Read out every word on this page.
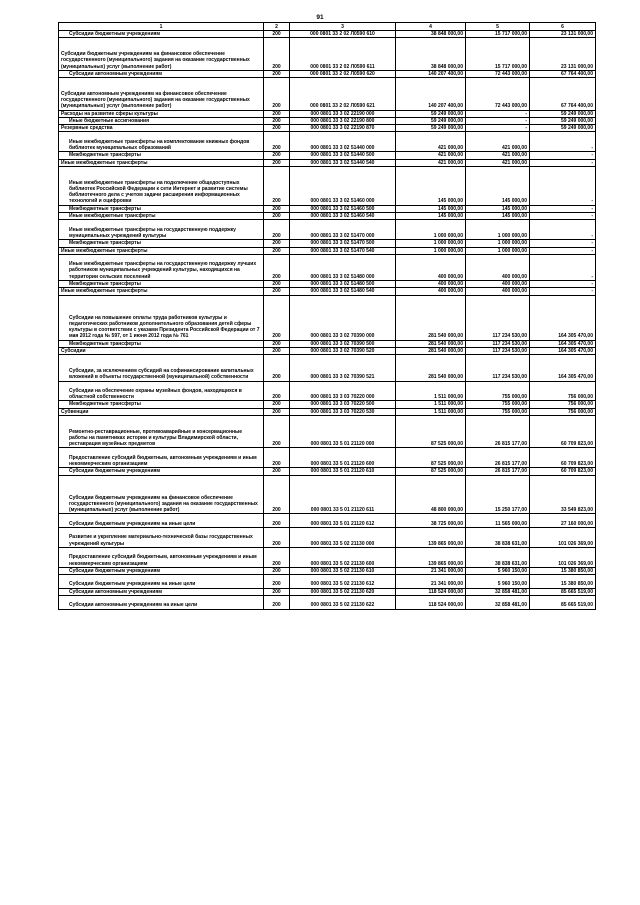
91
1	2	3	4	5	6
Субсидии бюджетным учреждениям	200	000 0801 33 2 02 Л0590 610	38 848 000,00	15 717 000,00	23 131 000,00
Субсидии бюджетным учреждениям на финансовое обеспечение государственного (муниципального) задания на оказание государственных (муниципальных) услуг (выполнение работ)	200	000 0801 33 2 02 Л0590 611	38 848 000,00	15 717 000,00	23 131 000,00
Субсидии автономным учреждениям	200	000 0801 33 2 02 Л0590 620	140 207 400,00	72 443 000,00	67 764 400,00
Субсидии автономным учреждениям на финансовое обеспечение государственного (муниципального) задания на оказание государственных (муниципальных) услуг (выполнение работ)	200	000 0801 33 2 02 Л0590 621	140 207 400,00	72 443 000,00	67 764 400,00
Расходы на развитие сферы культуры	200	000 0801 33 3 02 22190 000	59 249 000,00	-	59 249 000,00
Иные бюджетные ассигнования	200	000 0801 33 3 02 22190 800	59 249 000,00	-	59 249 000,00
Резервные средства	200	000 0801 33 3 02 22190 870	59 249 000,00	-	59 249 000,00
Иные межбюджетные трансферты на комплектование книжных фондов библиотек муниципальных образований	200	000 0801 33 3 02 51440 000	421 000,00	421 000,00	-
Межбюджетные трансферты	200	000 0801 33 3 02 51440 500	421 000,00	421 000,00	-
Иные межбюджетные трансферты	200	000 0801 33 3 02 51440 540	421 000,00	421 000,00	-
Иные межбюджетные трансферты на подключение общедоступных библиотек Российской Федерации к сети Интернет и развитие системы библиотечного дела с учетом задачи расширения информационных технологий и оцифровки	200	000 0801 33 3 02 51460 000	145 000,00	145 000,00	-
Межбюджетные трансферты	200	000 0801 33 3 02 51460 500	145 000,00	145 000,00	-
Иные межбюджетные трансферты	200	000 0801 33 3 02 51460 540	145 000,00	145 000,00	-
Иные межбюджетные трансферты на государственную поддержку муниципальных учреждений культуры	200	000 0801 33 3 02 51470 000	1 000 000,00	1 000 000,00	-
Межбюджетные трансферты	200	000 0801 33 3 02 51470 500	1 000 000,00	1 000 000,00	-
Иные межбюджетные трансферты	200	000 0801 33 3 02 51470 540	1 000 000,00	1 000 000,00	-
Иные межбюджетные трансферты на государственную поддержку лучших работников муниципальных учреждений культуры, находящихся на территории сельских поселений	200	000 0801 33 3 02 51480 000	400 000,00	400 000,00	-
Межбюджетные трансферты	200	000 0801 33 3 02 51480 500	400 000,00	400 000,00	-
Иные межбюджетные трансферты	200	000 0801 33 3 02 51480 540	400 000,00	400 000,00	-
Субсидии на повышение оплаты труда работников культуры и педагогических работников дополнительного образования детей сферы культуры в соответствии с указами Президента Российской Федерации от 7 мая 2012 года № 597, от 1 июня 2012 года № 761	200	000 0801 33 3 02 70390 000	281 540 000,00	117 234 530,00	164 305 470,00
Межбюджетные трансферты	200	000 0801 33 3 02 70390 500	281 540 000,00	117 234 530,00	164 305 470,00
Субсидии	200	000 0801 33 3 02 70390 520	281 540 000,00	117 234 530,00	164 305 470,00
Субсидии, за исключением субсидий на софинансирование капитальных вложений в объекты государственной (муниципальной) собственности	200	000 0801 33 3 02 70390 521	281 540 000,00	117 234 530,00	164 305 470,00
Субсидии на обеспечение охраны музейных фондов, находящихся в областной собственности	200	000 0801 33 3 03 70220 000	1 511 000,00	755 000,00	756 000,00
Межбюджетные трансферты	200	000 0801 33 3 03 70220 500	1 511 000,00	755 000,00	756 000,00
Субвенции	200	000 0801 33 3 03 70220 530	1 511 000,00	755 000,00	756 000,00
Ремонтно-реставрационные, противоаварийные и консервационные работы на памятниках истории и культуры Владимирской области, реставрация музейных предметов	200	000 0801 33 5 01 21120 000	87 525 000,00	26 815 177,00	60 709 823,00
Предоставление субсидий бюджетным, автономным учреждениям и иным некоммерческим организациям	200	000 0801 33 5 01 21120 600	87 525 000,00	26 815 177,00	60 709 823,00
Субсидии бюджетным учреждениям	200	000 0801 33 5 01 21120 610	87 525 000,00	26 815 177,00	60 709 823,00
Субсидии бюджетным учреждениям на финансовое обеспечение государственного (муниципального) задания на оказание государственных (муниципальных) услуг (выполнение работ)	200	000 0801 33 5 01 21120 611	48 800 000,00	15 250 177,00	33 549 823,00
Субсидии бюджетным учреждениям на иные цели	200	000 0801 33 5 01 21120 612	38 725 000,00	11 565 000,00	27 160 000,00
Развитие и укрепление материально-технической базы государственных учреждений культуры	200	000 0801 33 5 02 21130 000	139 865 000,00	38 838 631,00	101 026 369,00
Предоставление субсидий бюджетным, автономным учреждениям и иным некоммерческим организациям	200	000 0801 33 5 02 21130 600	139 865 000,00	38 838 631,00	101 026 369,00
Субсидии бюджетным учреждениям	200	000 0801 33 5 02 21130 610	21 341 000,00	5 960 150,00	15 380 850,00
Субсидии бюджетным учреждениям на иные цели	200	000 0801 33 5 02 21130 612	21 341 000,00	5 960 150,00	15 380 850,00
Субсидии автономным учреждениям	200	000 0801 33 5 02 21130 620	118 524 000,00	32 858 481,00	85 665 519,00
Субсидии автономным учреждениям на иные цели	200	000 0801 33 5 02 21130 622	118 524 000,00	32 858 481,00	85 665 519,00
